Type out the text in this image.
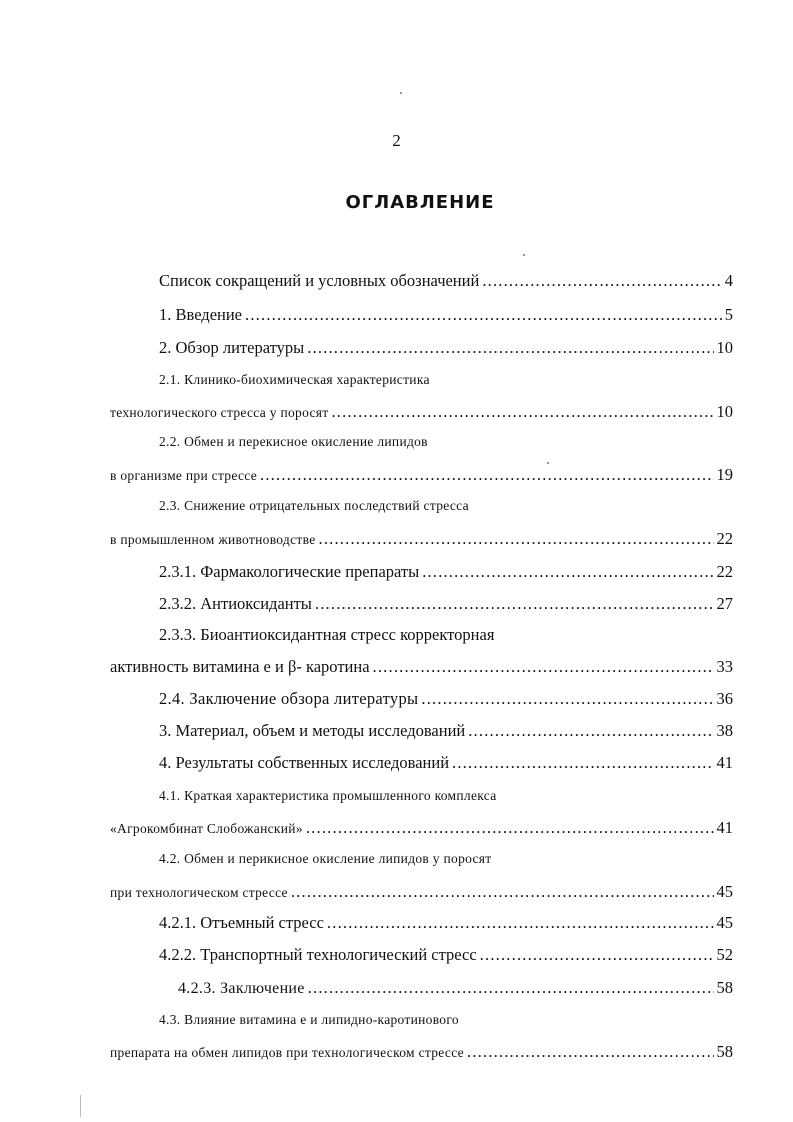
2
ОГЛАВЛЕНИЕ
Список сокращений и условных обозначений .....	4
1. Введение .....	5
2. Обзор литературы .....	10
2.1. Клинико-биохимическая характеристика
технологического стресса у поросят .....	10
2.2. Обмен и перекисное окисление липидов
в организме при стрессе .....	19
2.3. Снижение отрицательных последствий стресса
в промышленном животноводстве .....	22
2.3.1. Фармакологические препараты .....	22
2.3.2. Антиоксиданты .....	27
2.3.3. Биоантиоксидантная стресс корректорная
активность витамина е и β- каротина .....	33
2.4. Заключение обзора литературы .....	36
3. Материал, объем и методы исследований .....	38
4. Результаты собственных исследований .....	41
4.1. Краткая характеристика промышленного комплекса
«Агрокомбинат Слобожанский» .....	41
4.2. Обмен и перикисное окисление липидов у поросят
при технологическом стрессе .....	45
4.2.1. Отъемный стресс .....	45
4.2.2. Транспортный технологический стресс .....	52
4.2.3. Заключение .....	58
4.3. Влияние витамина е и липидно-каротинового
препарата на обмен липидов при технологическом стрессе .....	58
